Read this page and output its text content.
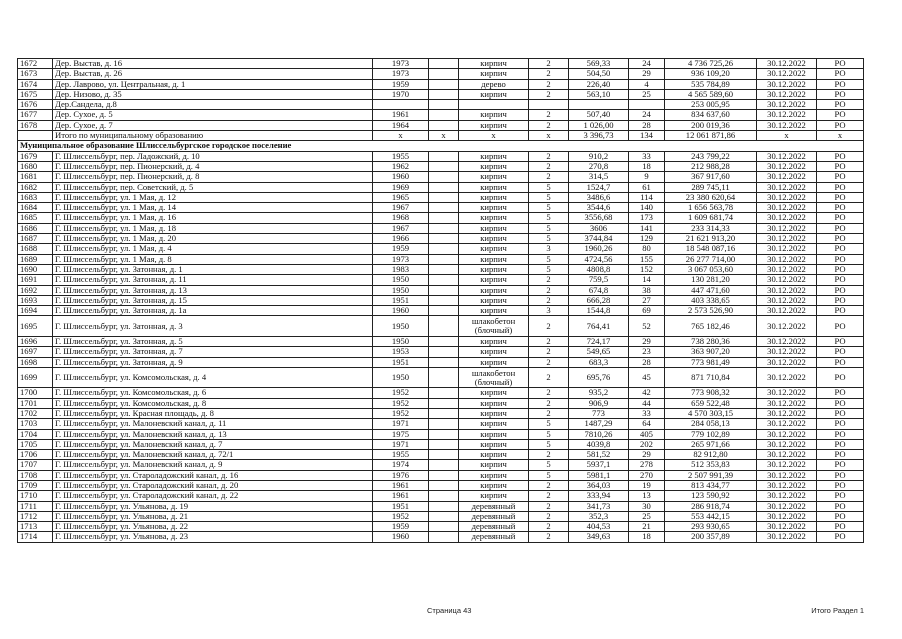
1672	Дер. Выстав, д. 16	1973		кирпич	2	569,33	24	4 736 725,26	30.12.2022	РО
1673	Дер. Выстав, д. 26	1973		кирпич	2	504,50	29	936 109,20	30.12.2022	РО
1674	Дер. Лаврово, ул. Центральная, д. 1	1959		дерево	2	226,40	4	535 784,89	30.12.2022	РО
1675	Дер. Низово, д. 35	1970		кирпич	2	563,10	25	4 565 589,60	30.12.2022	РО
1676	Дер.Сандела, д.8							253 005,95	30.12.2022	РО
1677	Дер. Сухое, д. 5	1961		кирпич	2	507,40	24	834 637,60	30.12.2022	РО
1678	Дер. Сухое, д. 7	1964		кирпич	2	1 026,00	28	200 019,36	30.12.2022	РО
	Итого по муниципальному образованию	х	х	х	х	3 396,73	134	12 061 871,86	х	х
Муниципальное образование Шлиссельбургское городское поселение										
1679	Г. Шлиссельбург, пер. Ладожский, д. 10	1955		кирпич	2	910,2	33	243 799,22	30.12.2022	РО
1680	Г. Шлиссельбург, пер. Пионерский, д. 4	1962		кирпич	2	270,8	18	212 988,28	30.12.2022	РО
1681	Г. Шлиссельбург, пер. Пионерский, д. 8	1960		кирпич	2	314,5	9	367 917,60	30.12.2022	РО
1682	Г. Шлиссельбург, пер. Советский, д. 5	1969		кирпич	5	1524,7	61	289 745,11	30.12.2022	РО
1683	Г. Шлиссельбург, ул. 1 Мая, д. 12	1965		кирпич	5	3486,6	114	23 380 620,64	30.12.2022	РО
1684	Г. Шлиссельбург, ул. 1 Мая, д. 14	1967		кирпич	5	3544,6	140	1 656 563,78	30.12.2022	РО
1685	Г. Шлиссельбург, ул. 1 Мая, д. 16	1968		кирпич	5	3556,68	173	1 609 681,74	30.12.2022	РО
1686	Г. Шлиссельбург, ул. 1 Мая, д. 18	1967		кирпич	5	3606	141	233 314,33	30.12.2022	РО
1687	Г. Шлиссельбург, ул. 1 Мая, д. 20	1966		кирпич	5	3744,84	129	21 621 913,20	30.12.2022	РО
1688	Г. Шлиссельбург, ул. 1 Мая, д. 4	1959		кирпич	3	1960,26	80	18 548 087,16	30.12.2022	РО
1689	Г. Шлиссельбург, ул. 1 Мая, д. 8	1973		кирпич	5	4724,56	155	26 277 714,00	30.12.2022	РО
1690	Г. Шлиссельбург, ул. Затонная, д. 1	1983		кирпич	5	4808,8	152	3 067 053,60	30.12.2022	РО
1691	Г. Шлиссельбург, ул. Затонная, д. 11	1950		кирпич	2	759,5	14	130 281,20	30.12.2022	РО
1692	Г. Шлиссельбург, ул. Затонная, д. 13	1950		кирпич	2	674,8	38	447 471,60	30.12.2022	РО
1693	Г. Шлиссельбург, ул. Затонная, д. 15	1951		кирпич	2	666,28	27	403 338,65	30.12.2022	РО
1694	Г. Шлиссельбург, ул. Затонная, д. 1а	1960		кирпич	3	1544,8	69	2 573 526,90	30.12.2022	РО
1695	Г. Шлиссельбург, ул. Затонная, д. 3	1950		шлакобетон (блочный)	2	764,41	52	765 182,46	30.12.2022	РО
1696	Г. Шлиссельбург, ул. Затонная, д. 5	1950		кирпич	2	724,17	29	738 280,36	30.12.2022	РО
1697	Г. Шлиссельбург, ул. Затонная, д. 7	1953		кирпич	2	549,65	23	363 907,20	30.12.2022	РО
1698	Г. Шлиссельбург, ул. Затонная, д. 9	1951		кирпич	2	683,3	28	773 981,49	30.12.2022	РО
1699	Г. Шлиссельбург, ул. Комсомольская, д. 4	1950		шлакобетон (блочный)	2	695,76	45	871 710,84	30.12.2022	РО
1700	Г. Шлиссельбург, ул. Комсомольская, д. 6	1952		кирпич	2	935,2	42	773 908,32	30.12.2022	РО
1701	Г. Шлиссельбург, ул. Комсомольская, д. 8	1952		кирпич	2	906,9	44	659 522,48	30.12.2022	РО
1702	Г. Шлиссельбург, ул. Красная площадь, д. 8	1952		кирпич	2	773	33	4 570 303,15	30.12.2022	РО
1703	Г. Шлиссельбург, ул. Малоневский канал, д. 11	1971		кирпич	5	1487,29	64	284 058,13	30.12.2022	РО
1704	Г. Шлиссельбург, ул. Малоневский канал, д. 13	1975		кирпич	5	7810,26	405	779 102,89	30.12.2022	РО
1705	Г. Шлиссельбург, ул. Малоневский канал, д. 7	1971		кирпич	5	4039,8	202	265 971,66	30.12.2022	РО
1706	Г. Шлиссельбург, ул. Малоневский канал, д. 72/1	1955		кирпич	2	581,52	29	82 912,80	30.12.2022	РО
1707	Г. Шлиссельбург, ул. Малоневский канал, д. 9	1974		кирпич	5	5937,1	278	512 353,83	30.12.2022	РО
1708	Г. Шлиссельбург, ул. Староладожский канал, д. 16	1976		кирпич	5	5981,1	270	2 507 991,39	30.12.2022	РО
1709	Г. Шлиссельбург, ул. Староладожский канал, д. 20	1961		кирпич	2	364,03	19	813 434,77	30.12.2022	РО
1710	Г. Шлиссельбург, ул. Староладожский канал, д. 22	1961		кирпич	2	333,94	13	123 590,92	30.12.2022	РО
1711	Г. Шлиссельбург, ул. Ульянова, д. 19	1951		деревянный	2	341,73	30	286 918,74	30.12.2022	РО
1712	Г. Шлиссельбург, ул. Ульянова, д. 21	1952		деревянный	2	352,3	25	553 442,15	30.12.2022	РО
1713	Г. Шлиссельбург, ул. Ульянова, д. 22	1959		деревянный	2	404,53	21	293 930,65	30.12.2022	РО
1714	Г. Шлиссельбург, ул. Ульянова, д. 23	1960		деревянный	2	349,63	18	200 357,89	30.12.2022	РО
Страница 43	Итого Раздел 1
